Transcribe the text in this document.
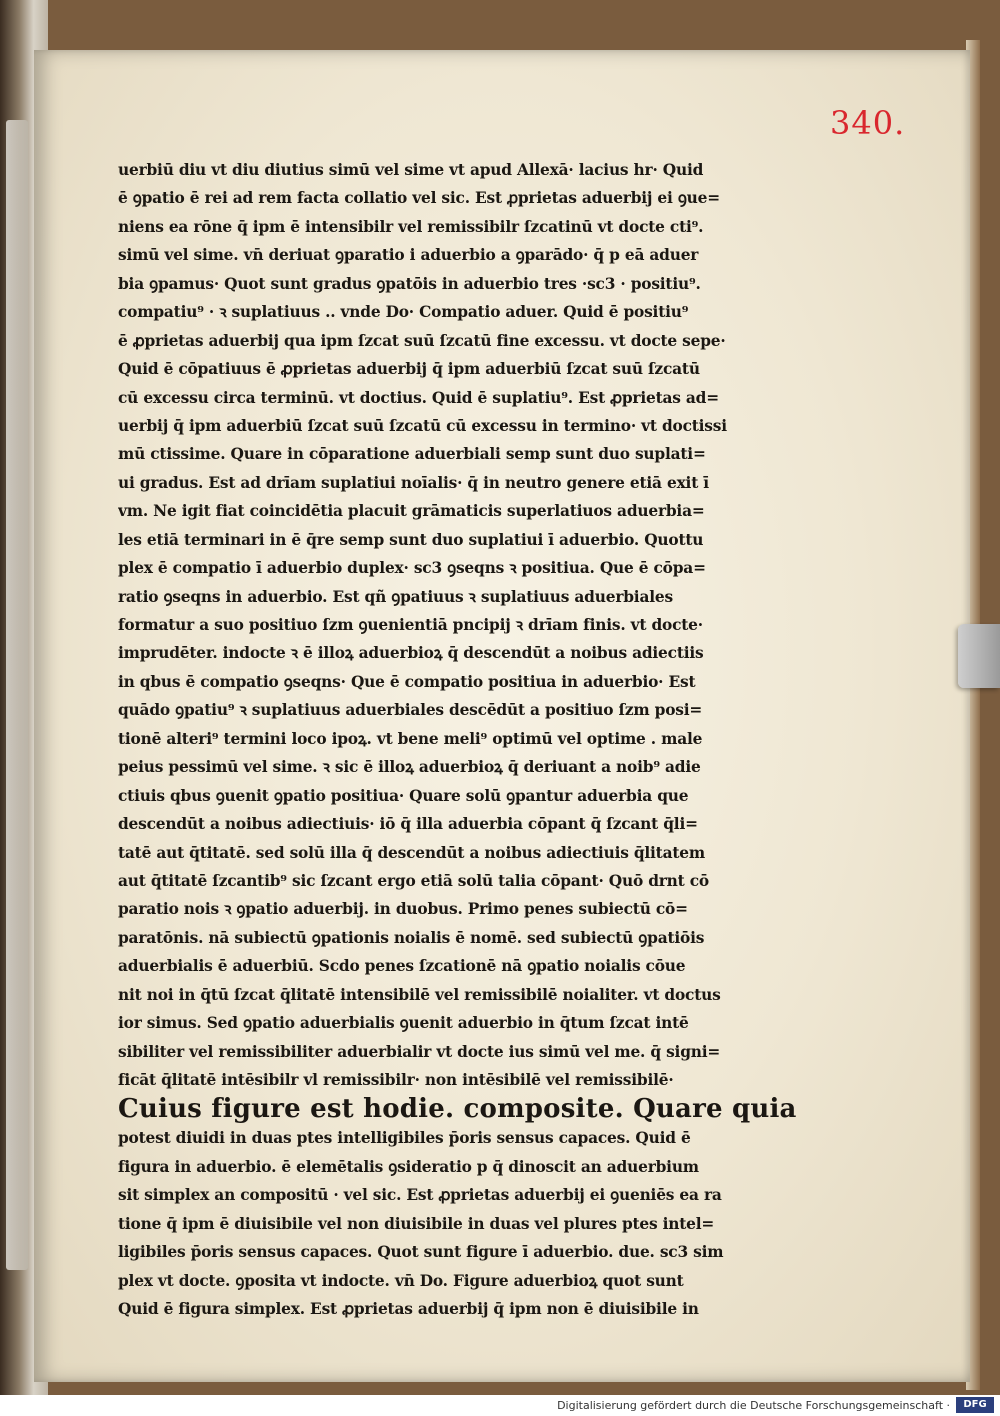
340.
uerbiū diu vt diu diutius simū vel sime vt apud Allexā· lacius hr· Quid
ē ꝯpatio ē rei ad rem facta collatio vel sic. Est ꝓprietas aduerbij ei ꝯue=
niens ea rōne q̄ ipm ē intensibilr vel remissibilr ſzcatinū vt docte cti⁹.
simū vel sime. vn̄ deriuat ꝯparatio i aduerbio a ꝯparādo· q̄ p eā aduer
bia ꝯpamus· Quot sunt gradus ꝯpatōis in aduerbio tres ·sc3 · positiu⁹.
compatiu⁹ · ꝛ suplatiuus .. vnde Do· Compatio aduer. Quid ē positiu⁹
ē ꝓprietas aduerbij qua ipm ſzcat suū ſzcatū fine excessu. vt docte sepe·
Quid ē cōpatiuus ē ꝓprietas aduerbij q̄ ipm aduerbiū ſzcat suū ſzcatū
cū excessu circa terminū. vt doctius. Quid ē suplatiu⁹. Est ꝓprietas ad=
uerbij q̄ ipm aduerbiū ſzcat suū ſzcatū cū excessu in termino· vt doctissi
mū ctissime. Quare in cōparatione aduerbiali semp sunt duo suplati=
ui gradus. Est ad drīam suplatiui noīalis· q̄ in neutro genere etiā exit ī
vm. Ne igit fiat coincidētia placuit grāmaticis superlatiuos aduerbia=
les etiā terminari in ē q̄re semp sunt duo suplatiui ī aduerbio. Quottu
plex ē compatio ī aduerbio duplex· sc3 ꝯseqns ꝛ positiua. Que ē cōpa=
ratio ꝯseqns in aduerbio. Est qñ ꝯpatiuus ꝛ suplatiuus aduerbiales
formatur a suo positiuo ſzm ꝯuenientiā pncipij ꝛ drīam finis. vt docte·
imprudēter. indocte ꝛ ē illoꝝ aduerbioꝝ q̄ descendūt a noibus adiectiis
in qbus ē compatio ꝯseqns· Que ē compatio positiua in aduerbio· Est
quādo ꝯpatiu⁹ ꝛ suplatiuus aduerbiales descēdūt a positiuo ſzm posi=
tionē alteri⁹ termini loco ipoꝝ. vt bene meli⁹ optimū vel optime . male
peius pessimū vel sime. ꝛ sic ē illoꝝ aduerbioꝝ q̄ deriuant a noib⁹ adie
ctiuis qbus ꝯuenit ꝯpatio positiua· Quare solū ꝯpantur aduerbia que
descendūt a noibus adiectiuis· iō q̄ illa aduerbia cōpant q̄ ſzcant q̄li=
tatē aut q̄titatē. sed solū illa q̄ descendūt a noibus adiectiuis q̄litatem
aut q̄titatē ſzcantib⁹ sic ſzcant ergo etiā solū talia cōpant· Quō drnt cō
paratio nois ꝛ ꝯpatio aduerbij. in duobus. Primo penes subiectū cō=
paratōnis. nā subiectū ꝯpationis noialis ē nomē. sed subiectū ꝯpatiōis
aduerbialis ē aduerbiū. Scdo penes ſzcationē nā ꝯpatio noialis cōue
nit noi in q̄tū ſzcat q̄litatē intensibilē vel remissibilē noialiter. vt doctus
ior simus. Sed ꝯpatio aduerbialis ꝯuenit aduerbio in q̄tum ſzcat intē
sibiliter vel remissibiliter aduerbialir vt docte ius simū vel me. q̄ signi=
ficāt q̄litatē intēsibilr vl remissibilr· non intēsibilē vel remissibilē·
Cuius figure est hodie. composite. Quare quia
potest diuidi in duas ptes intelligibiles p̄oris sensus capaces. Quid ē
figura in aduerbio. ē elemētalis ꝯsideratio p q̄ dinoscit an aduerbium
sit simplex an compositū · vel sic. Est ꝓprietas aduerbij ei ꝯueniēs ea ra
tione q̄ ipm ē diuisibile vel non diuisibile in duas vel plures ptes intel=
ligibiles p̄oris sensus capaces. Quot sunt figure ī aduerbio. due. sc3 sim
plex vt docte. ꝯposita vt indocte. vn̄ Do. Figure aduerbioꝝ quot sunt
Quid ē figura simplex. Est ꝓprietas aduerbij q̄ ipm non ē diuisibile in
Digitalisierung gefördert durch die Deutsche Forschungsgemeinschaft ·	DFG
